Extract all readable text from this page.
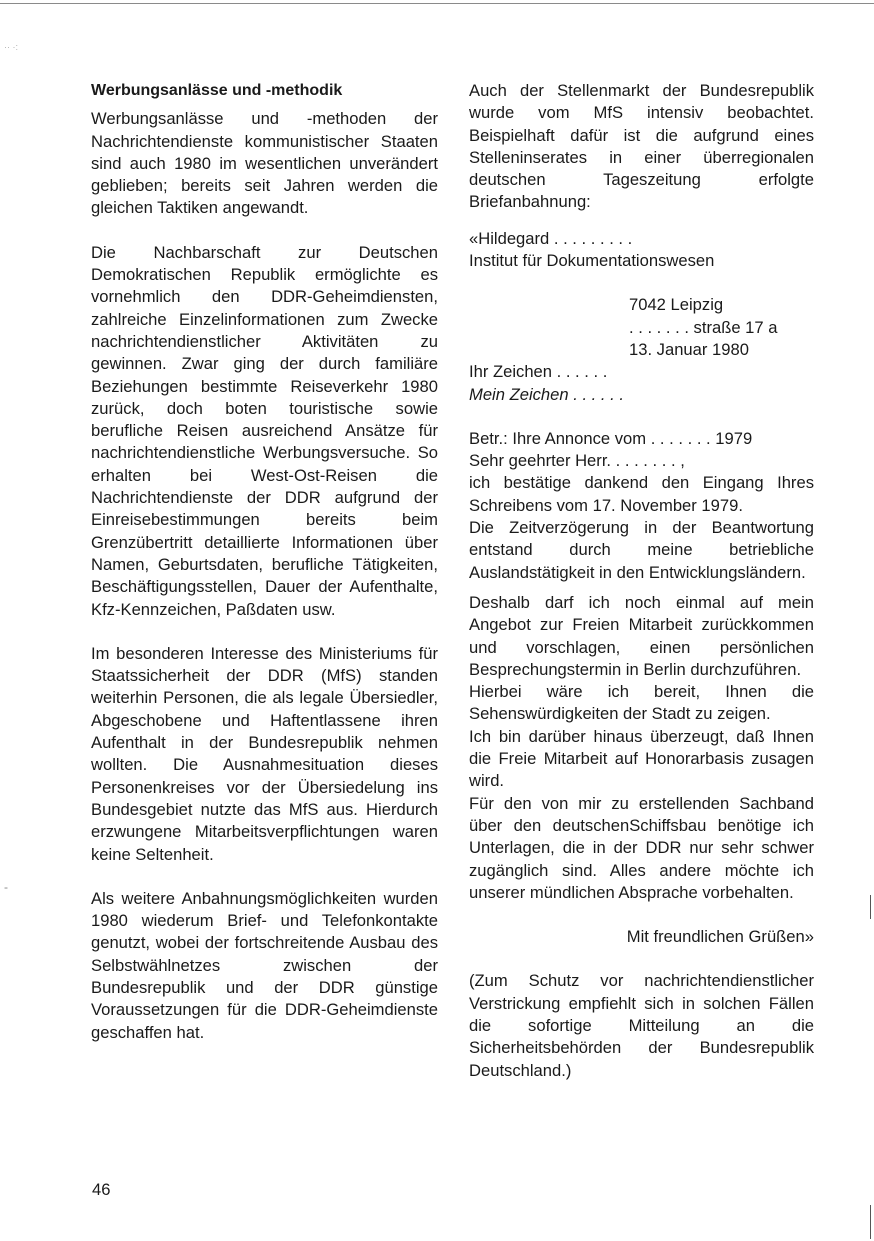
·· ·:
-
Werbungsanlässe und -methodik

Werbungsanlässe und -methoden der Nachrichtendienste kommunistischer Staaten sind auch 1980 im wesentlichen unverändert geblieben; bereits seit Jahren werden die gleichen Taktiken angewandt.

Die Nachbarschaft zur Deutschen Demokratischen Republik ermöglichte es vornehmlich den DDR-Geheimdiensten, zahlreiche Einzelinformationen zum Zwecke nachrichtendienstlicher Aktivitäten zu gewinnen. Zwar ging der durch familiäre Beziehungen bestimmte Reiseverkehr 1980 zurück, doch boten touristische sowie berufliche Reisen ausreichend Ansätze für nachrichtendienstliche Werbungsversuche. So erhalten bei West-Ost-Reisen die Nachrichtendienste der DDR aufgrund der Einreisebestimmungen bereits beim Grenzübertritt detaillierte Informationen über Namen, Geburtsdaten, berufliche Tätigkeiten, Beschäftigungsstellen, Dauer der Aufenthalte, Kfz-Kennzeichen, Paßdaten usw.

Im besonderen Interesse des Ministeriums für Staatssicherheit der DDR (MfS) standen weiterhin Personen, die als legale Übersiedler, Abgeschobene und Haftentlassene ihren Aufenthalt in der Bundesrepublik nehmen wollten. Die Ausnahmesituation dieses Personenkreises vor der Übersiedelung ins Bundesgebiet nutzte das MfS aus. Hierdurch erzwungene Mitarbeitsverpflichtungen waren keine Seltenheit.

Als weitere Anbahnungsmöglichkeiten wurden 1980 wiederum Brief- und Telefonkontakte genutzt, wobei der fortschreitende Ausbau des Selbstwählnetzes zwischen der Bundesrepublik und der DDR günstige Voraussetzungen für die DDR-Geheimdienste geschaffen hat.

Auch der Stellenmarkt der Bundesrepublik wurde vom MfS intensiv beobachtet. Beispielhaft dafür ist die aufgrund eines Stelleninserates in einer überregionalen deutschen Tageszeitung erfolgte Briefanbahnung:

«Hildegard . . . . . . . . .
Institut für Dokumentationswesen
7042 Leipzig
. . . . . . . straße 17 a
13. Januar 1980
Ihr Zeichen . . . . . .
Mein Zeichen . . . . . .
Betr.: Ihre Annonce vom . . . . . . . 1979
Sehr geehrter Herr. . . . . . . . ,

ich bestätige dankend den Eingang Ihres Schreibens vom 17. November 1979.

Die Zeitverzögerung in der Beantwortung entstand durch meine betriebliche Auslandstätigkeit in den Entwicklungsländern.

Deshalb darf ich noch einmal auf mein Angebot zur Freien Mitarbeit zurückkommen und vorschlagen, einen persönlichen Besprechungstermin in Berlin durchzuführen.

Hierbei wäre ich bereit, Ihnen die Sehenswürdigkeiten der Stadt zu zeigen.

Ich bin darüber hinaus überzeugt, daß Ihnen die Freie Mitarbeit auf Honorarbasis zusagen wird.

Für den von mir zu erstellenden Sachband über den deutschenSchiffsbau benötige ich Unterlagen, die in der DDR nur sehr schwer zugänglich sind. Alles andere möchte ich unserer mündlichen Absprache vorbehalten.

Mit freundlichen Grüßen»

(Zum Schutz vor nachrichtendienstlicher Verstrickung empfiehlt sich in solchen Fällen die sofortige Mitteilung an die Sicherheitsbehörden der Bundesrepublik Deutschland.)

46
